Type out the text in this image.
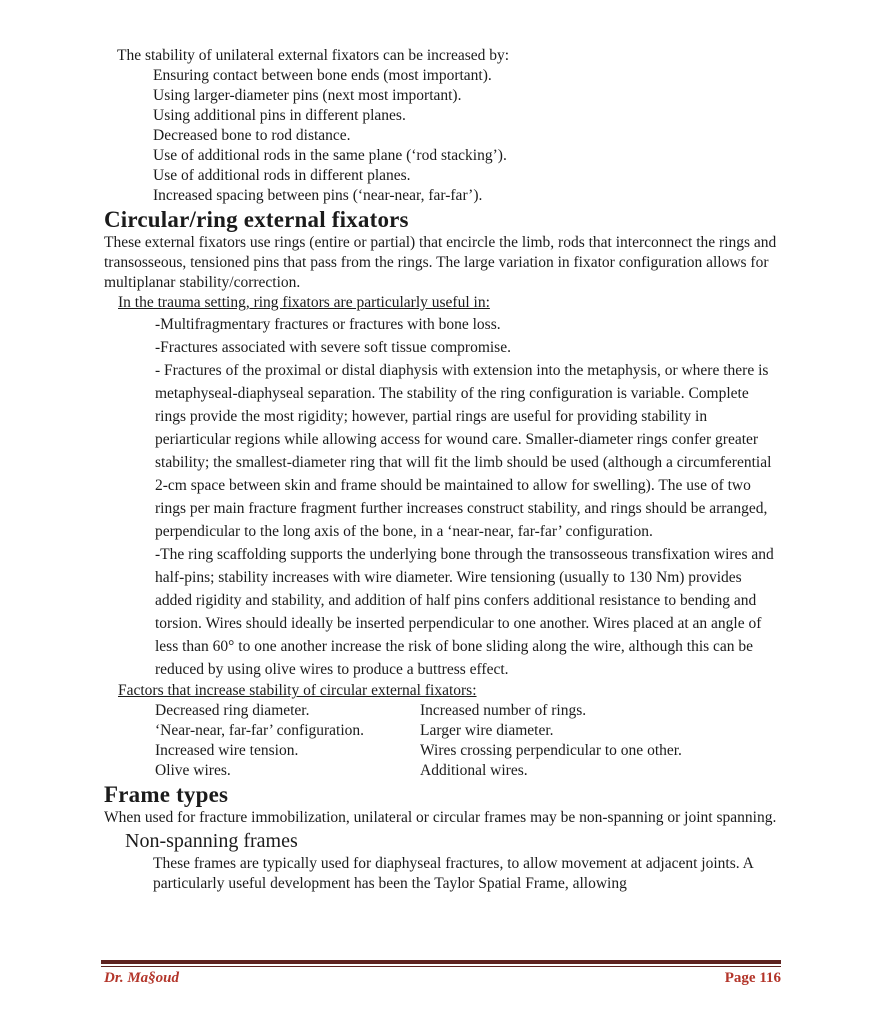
The stability of unilateral external fixators can be increased by:
Ensuring contact between bone ends (most important).
Using larger-diameter pins (next most important).
Using additional pins in different planes.
Decreased bone to rod distance.
Use of additional rods in the same plane (‘rod stacking’).
Use of additional rods in different planes.
Increased spacing between pins (‘near-near, far-far’).
Circular/ring external fixators

These external fixators use rings (entire or partial) that encircle the limb, rods that interconnect the rings and transosseous, tensioned pins that pass from the rings. The large variation in fixator configuration allows for multiplanar stability/correction.

In the trauma setting, ring fixators are particularly useful in:
-Multifragmentary fractures or fractures with bone loss.
-Fractures associated with severe soft tissue compromise.
- Fractures of the proximal or distal diaphysis with extension into the metaphysis, or where there is metaphyseal-diaphyseal separation. The stability of the ring configuration is variable. Complete rings provide the most rigidity; however, partial rings are useful for providing stability in periarticular regions while allowing access for wound care. Smaller-diameter rings confer greater stability; the smallest-diameter ring that will fit the limb should be used (although a circumferential 2-cm space between skin and frame should be maintained to allow for swelling). The use of two rings per main fracture fragment further increases construct stability, and rings should be arranged, perpendicular to the long axis of the bone, in a ‘near-near, far-far’ configuration.
-The ring scaffolding supports the underlying bone through the transosseous transfixation wires and half-pins; stability increases with wire diameter. Wire tensioning (usually to 130 Nm) provides added rigidity and stability, and addition of half pins confers additional resistance to bending and torsion. Wires should ideally be inserted perpendicular to one another. Wires placed at an angle of less than 60° to one another increase the risk of bone sliding along the wire, although this can be reduced by using olive wires to produce a buttress effect.
Factors that increase stability of circular external fixators:
Decreased ring diameter.	Increased number of rings.
‘Near-near, far-far’ configuration.	Larger wire diameter.
Increased wire tension.	Wires crossing perpendicular to one other.
Olive wires.	Additional wires.
Frame types

When used for fracture immobilization, unilateral or circular frames may be non-spanning or joint spanning.

Non-spanning frames

These frames are typically used for diaphyseal fractures, to allow movement at adjacent joints. A particularly useful development has been the Taylor Spatial Frame, allowing

Dr. Ma§oud	Page 116
